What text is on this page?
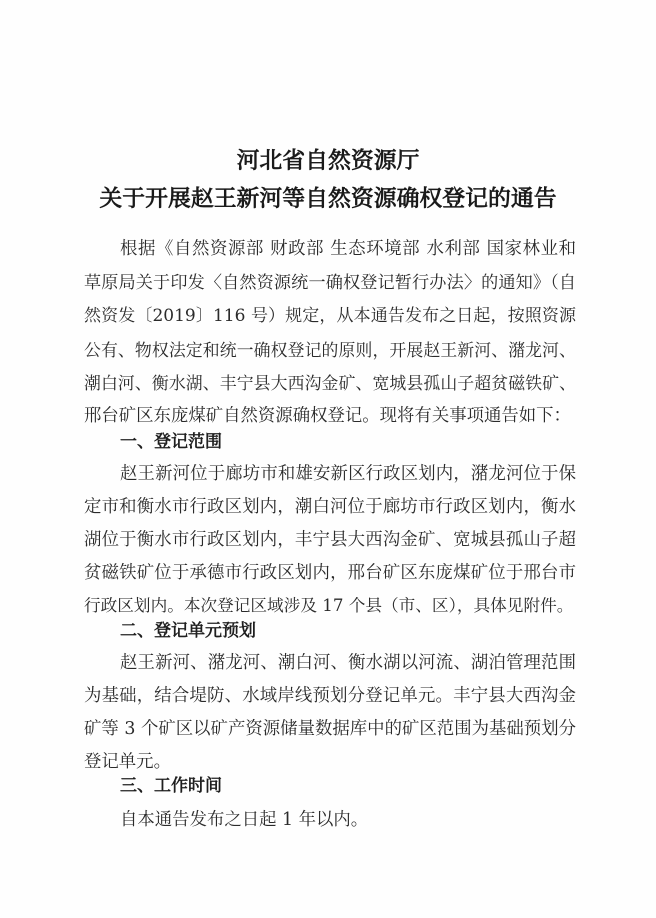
河北省自然资源厅
关于开展赵王新河等自然资源确权登记的通告
根据《自然资源部 财政部 生态环境部 水利部 国家林业和
草原局关于印发〈自然资源统一确权登记暂行办法〉的通知》（自
然资发〔2019〕116 号）规定，从本通告发布之日起，按照资源
公有、物权法定和统一确权登记的原则，开展赵王新河、潴龙河、
潮白河、衡水湖、丰宁县大西沟金矿、宽城县孤山子超贫磁铁矿、
邢台矿区东庞煤矿自然资源确权登记。现将有关事项通告如下：
一、登记范围
赵王新河位于廊坊市和雄安新区行政区划内，潴龙河位于保
定市和衡水市行政区划内，潮白河位于廊坊市行政区划内，衡水
湖位于衡水市行政区划内，丰宁县大西沟金矿、宽城县孤山子超
贫磁铁矿位于承德市行政区划内，邢台矿区东庞煤矿位于邢台市
行政区划内。本次登记区域涉及 17 个县（市、区），具体见附件。
二、登记单元预划
赵王新河、潴龙河、潮白河、衡水湖以河流、湖泊管理范围
为基础，结合堤防、水域岸线预划分登记单元。丰宁县大西沟金
矿等 3 个矿区以矿产资源储量数据库中的矿区范围为基础预划分
登记单元。
三、工作时间
自本通告发布之日起 1 年以内。
